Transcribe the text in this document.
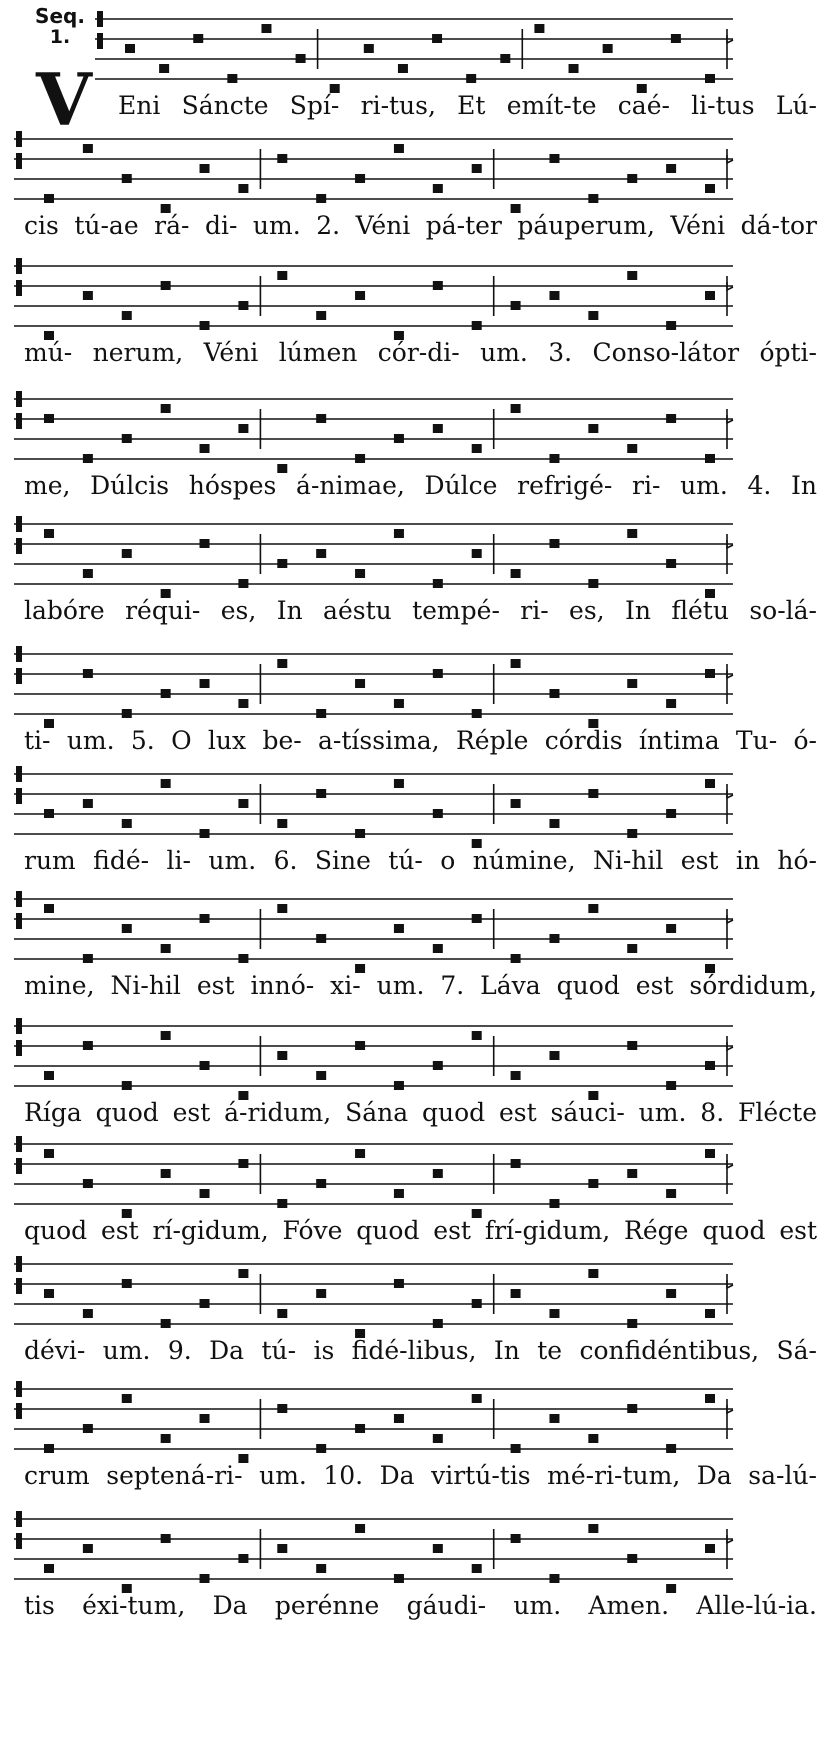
Seq.
1.
V Eni Sáncte Spí- ri-tus, Et emít-te caé- li-tus Lú-
cis tú-ae rá- di- um. 2. Véni pá-ter páuperum, Véni dá-tor
mú- nerum, Véni lúmen cór-di- um. 3. Conso-látor ópti-
me, Dúlcis hóspes á-nimae, Dúlce refrigé- ri- um. 4. In
labóre réqui- es, In aéstu tempé- ri- es, In flétu so-lá-
ti- um. 5. O lux be- a-tíssima, Réple córdis íntima Tu- ó-
rum fidé- li- um. 6. Sine tú- o númine, Ni-hil est in hó-
mine, Ni-hil est innó- xi- um. 7. Láva quod est sórdidum,
Ríga quod est á-ridum, Sána quod est sáuci- um. 8. Flécte
quod est rí-gidum, Fóve quod est frí-gidum, Rége quod est
dévi- um. 9. Da tú- is fidé-libus, In te confidéntibus, Sá-
crum septená-ri- um. 10. Da virtú-tis mé-ri-tum, Da sa-lú-
tis éxi-tum, Da perénne gáudi- um. Amen. Alle-lú-ia.
